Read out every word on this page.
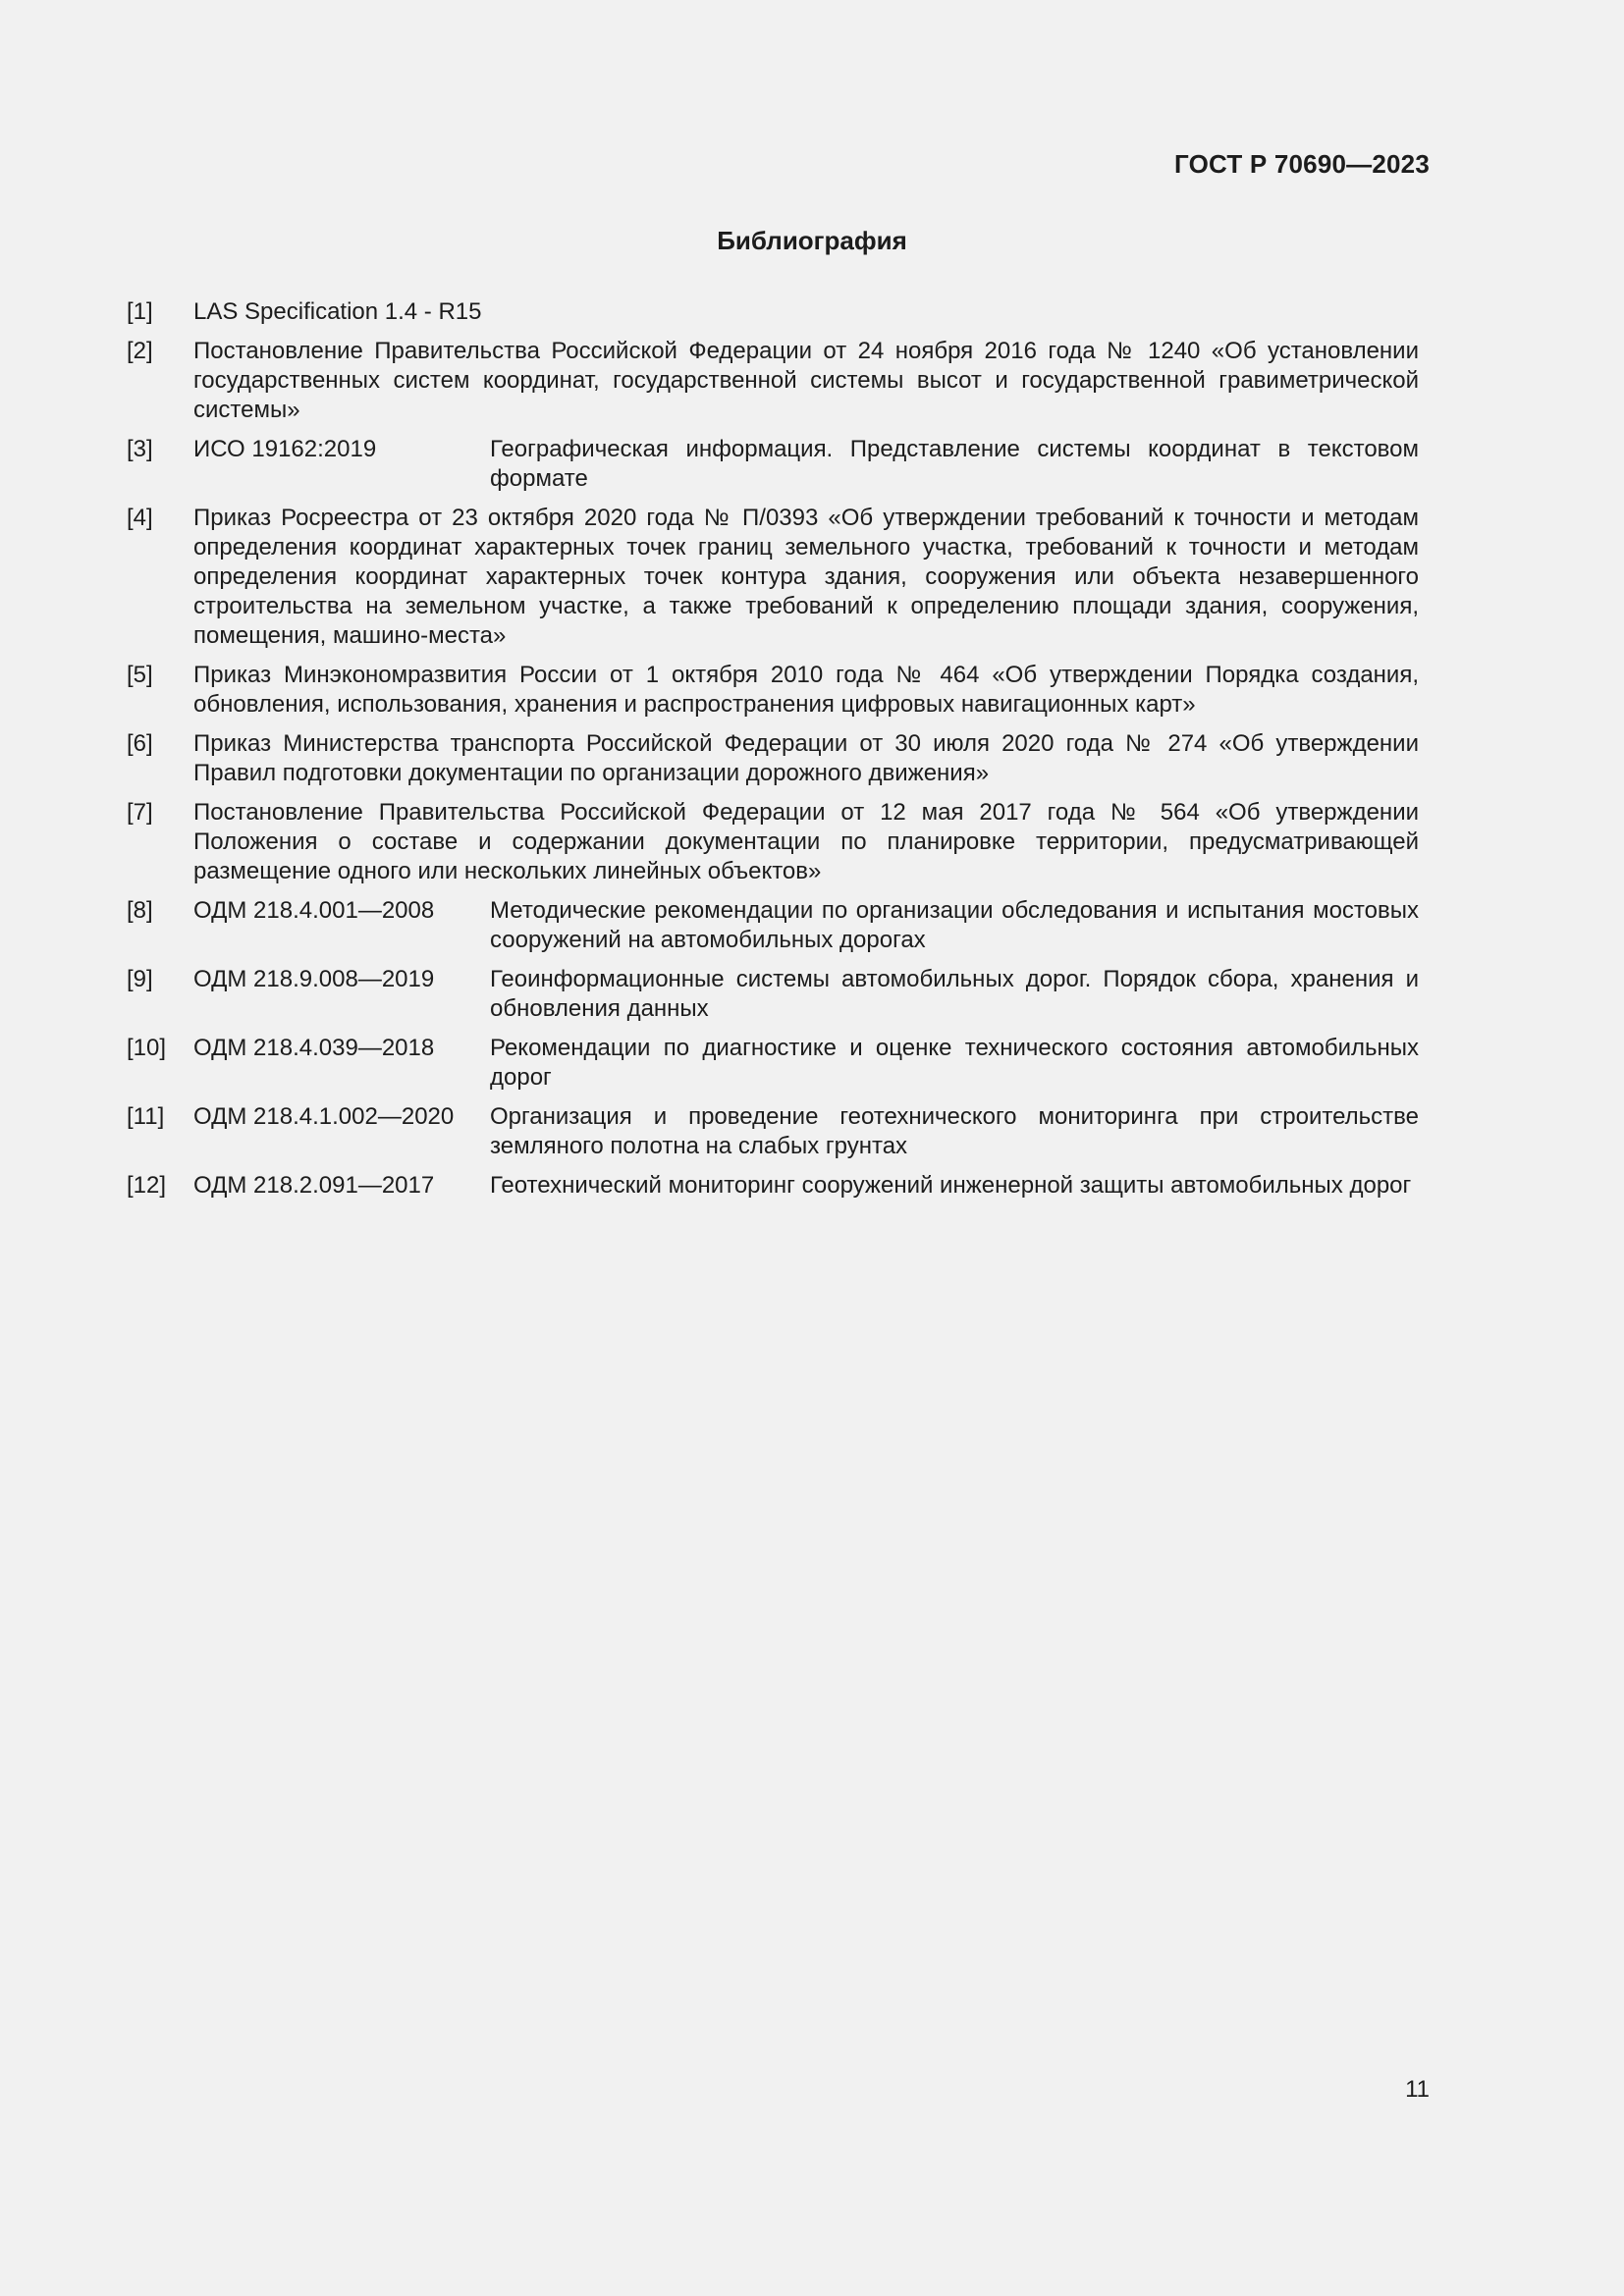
ГОСТ Р 70690—2023
Библиография
[1] LAS Specification 1.4 - R15
[2] Постановление Правительства Российской Федерации от 24 ноября 2016 года № 1240 «Об установлении государственных систем координат, государственной системы высот и государственной гравиметрической системы»
[3] ИСО 19162:2019	Географическая информация. Представление системы координат в текстовом формате
[4] Приказ Росреестра от 23 октября 2020 года № П/0393 «Об утверждении требований к точности и методам определения координат характерных точек границ земельного участка, требований к точности и методам определения координат характерных точек контура здания, сооружения или объекта незавершенного строительства на земельном участке, а также требований к определению площади здания, сооружения, помещения, машино-места»
[5] Приказ Минэкономразвития России от 1 октября 2010 года № 464 «Об утверждении Порядка создания, обновления, использования, хранения и распространения цифровых навигационных карт»
[6] Приказ Министерства транспорта Российской Федерации от 30 июля 2020 года № 274 «Об утверждении Правил подготовки документации по организации дорожного движения»
[7] Постановление Правительства Российской Федерации от 12 мая 2017 года № 564 «Об утверждении Положения о составе и содержании документации по планировке территории, предусматривающей размещение одного или нескольких линейных объектов»
[8] ОДМ 218.4.001—2008 Методические рекомендации по организации обследования и испытания мостовых сооружений на автомобильных дорогах
[9] ОДМ 218.9.008—2019 Геоинформационные системы автомобильных дорог. Порядок сбора, хранения и обновления данных
[10] ОДМ 218.4.039—2018 Рекомендации по диагностике и оценке технического состояния автомобильных дорог
[11] ОДМ 218.4.1.002—2020 Организация и проведение геотехнического мониторинга при строительстве земляного полотна на слабых грунтах
[12] ОДМ 218.2.091—2017 Геотехнический мониторинг сооружений инженерной защиты автомобильных дорог
11
